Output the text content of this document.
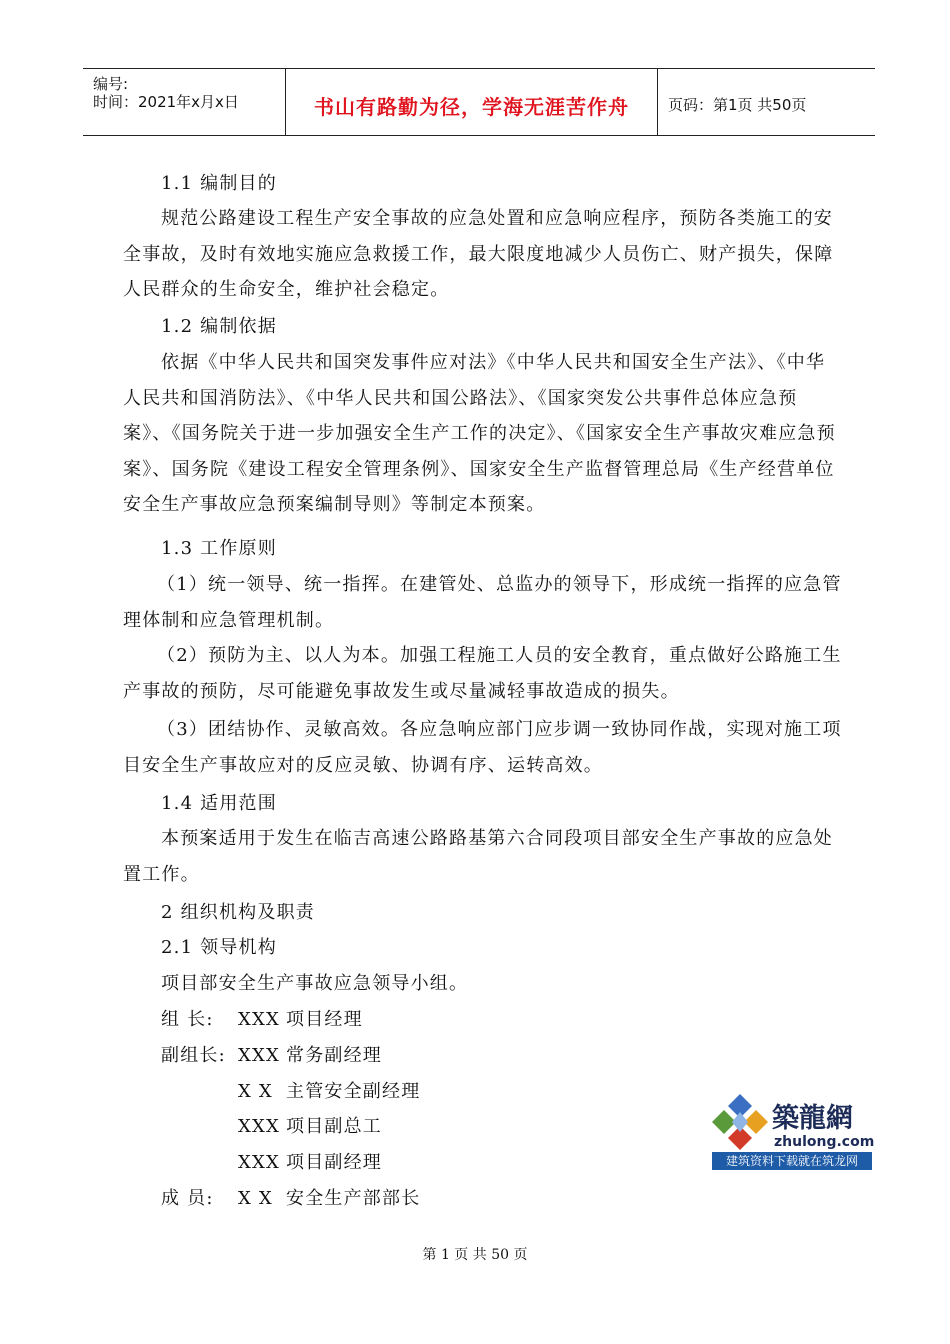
编号:
时间：2021年x月x日	书山有路勤为径，学海无涯苦作舟	页码：第1页 共50页

1.1 编制目的

规范公路建设工程生产安全事故的应急处置和应急响应程序，预防各类施工的安全事故，及时有效地实施应急救援工作，最大限度地减少人员伤亡、财产损失，保障人民群众的生命安全，维护社会稳定。

1.2 编制依据

依据《中华人民共和国突发事件应对法》《中华人民共和国安全生产法》、《中华人民共和国消防法》、《中华人民共和国公路法》、《国家突发公共事件总体应急预案》、《国务院关于进一步加强安全生产工作的决定》、《国家安全生产事故灾难应急预案》、国务院《建设工程安全管理条例》、国家安全生产监督管理总局《生产经营单位安全生产事故应急预案编制导则》等制定本预案。

1.3 工作原则

（1）统一领导、统一指挥。在建管处、总监办的领导下，形成统一指挥的应急管理体制和应急管理机制。

（2）预防为主、以人为本。加强工程施工人员的安全教育，重点做好公路施工生产事故的预防，尽可能避免事故发生或尽量减轻事故造成的损失。

（3）团结协作、灵敏高效。各应急响应部门应步调一致协同作战，实现对施工项目安全生产事故应对的反应灵敏、协调有序、运转高效。

1.4 适用范围

本预案适用于发生在临吉高速公路路基第六合同段项目部安全生产事故的应急处置工作。

2 组织机构及职责

2.1 领导机构

项目部安全生产事故应急领导小组。

组 长: XXX 项目经理

副组长: XXX 常务副经理

X X 主管安全副经理

XXX 项目副总工

XXX 项目副经理

成 员: X X 安全生产部部长

築龍網
zhulong.com
建筑资料下载就在筑龙网
第 1 页 共 50 页
